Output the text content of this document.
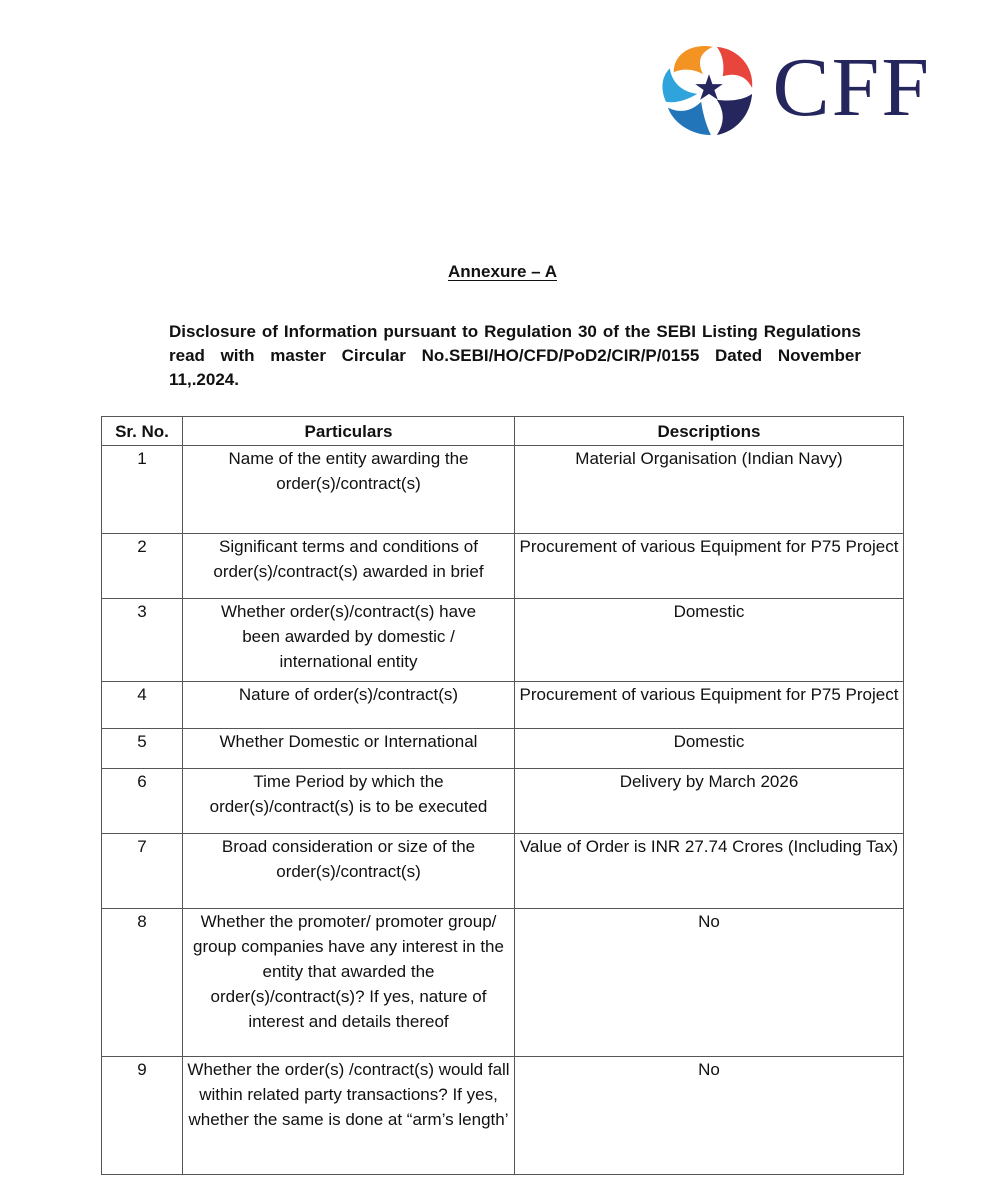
CFF
Annexure – A
Disclosure of Information pursuant to Regulation 30 of the SEBI Listing Regulations read with master Circular No.SEBI/HO/CFD/PoD2/CIR/P/0155 Dated November 11,.2024.
Sr. No.	Particulars	Descriptions
1	Name of the entity awarding the order(s)/contract(s)	Material Organisation (Indian Navy)
2	Significant terms and conditions of order(s)/contract(s) awarded in brief	Procurement of various Equipment for P75 Project
3	Whether order(s)/contract(s) have been awarded by domestic / international entity	Domestic
4	Nature of order(s)/contract(s)	Procurement of various Equipment for P75 Project
5	Whether Domestic or International	Domestic
6	Time Period by which the order(s)/contract(s) is to be executed	Delivery by March 2026
7	Broad consideration or size of the order(s)/contract(s)	Value of Order is INR 27.74 Crores (Including Tax)
8	Whether the promoter/ promoter group/ group companies have any interest in the entity that awarded the order(s)/contract(s)? If yes, nature of interest and details thereof	No
9	Whether the order(s) /contract(s) would fall within related party transactions? If yes, whether the same is done at “arm’s length’	No
